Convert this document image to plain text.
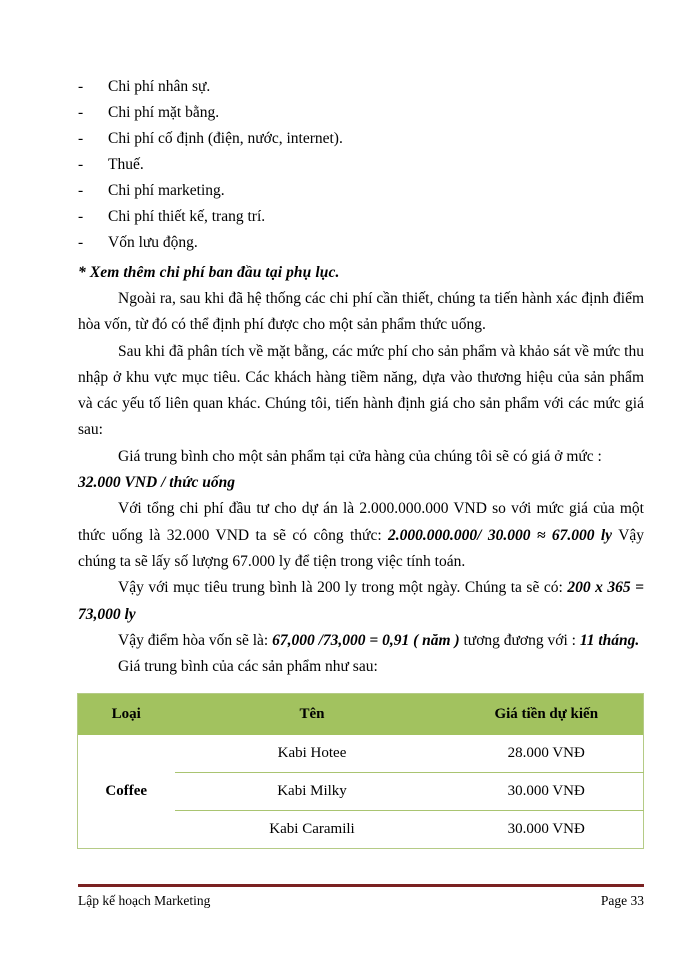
-	Chi phí nhân sự.
-	Chi phí mặt bằng.
-	Chi phí cố định (điện, nước, internet).
-	Thuế.
-	Chi phí marketing.
-	Chi phí thiết kế, trang trí.
-	Vốn lưu động.
* Xem thêm chi phí ban đầu tại phụ lục.

Ngoài ra, sau khi đã hệ thống các chi phí cần thiết, chúng ta tiến hành xác định điểm hòa vốn, từ đó có thể định phí được cho một sản phẩm thức uống.

Sau khi đã phân tích về mặt bằng, các mức phí cho sản phẩm và khảo sát về mức thu nhập ở khu vực mục tiêu. Các khách hàng tiềm năng, dựa vào thương hiệu của sản phẩm và các yếu tố liên quan khác. Chúng tôi, tiến hành định giá cho sản phẩm với các mức giá sau:

Giá trung bình cho một sản phẩm tại cửa hàng của chúng tôi sẽ có giá ở mức :

32.000 VND / thức uống

Với tổng chi phí đầu tư cho dự án là 2.000.000.000 VND so với mức giá của một thức uống là 32.000 VND ta sẽ có công thức: 2.000.000.000/ 30.000 ≈ 67.000 ly Vậy chúng ta sẽ lấy số lượng 67.000 ly để tiện trong việc tính toán.

Vậy với mục tiêu trung bình là 200 ly trong một ngày. Chúng ta sẽ có: 200 x 365 = 73,000 ly

Vậy điểm hòa vốn sẽ là: 67,000 /73,000 = 0,91 ( năm ) tương đương với : 11 tháng.

Giá trung bình của các sản phẩm như sau:

Loại	Tên	Giá tiền dự kiến
Coffee	Kabi Hotee	28.000 VNĐ
	Kabi Milky	30.000 VNĐ
	Kabi Caramili	30.000 VNĐ
Lập kế hoạch Marketing	Page 33
